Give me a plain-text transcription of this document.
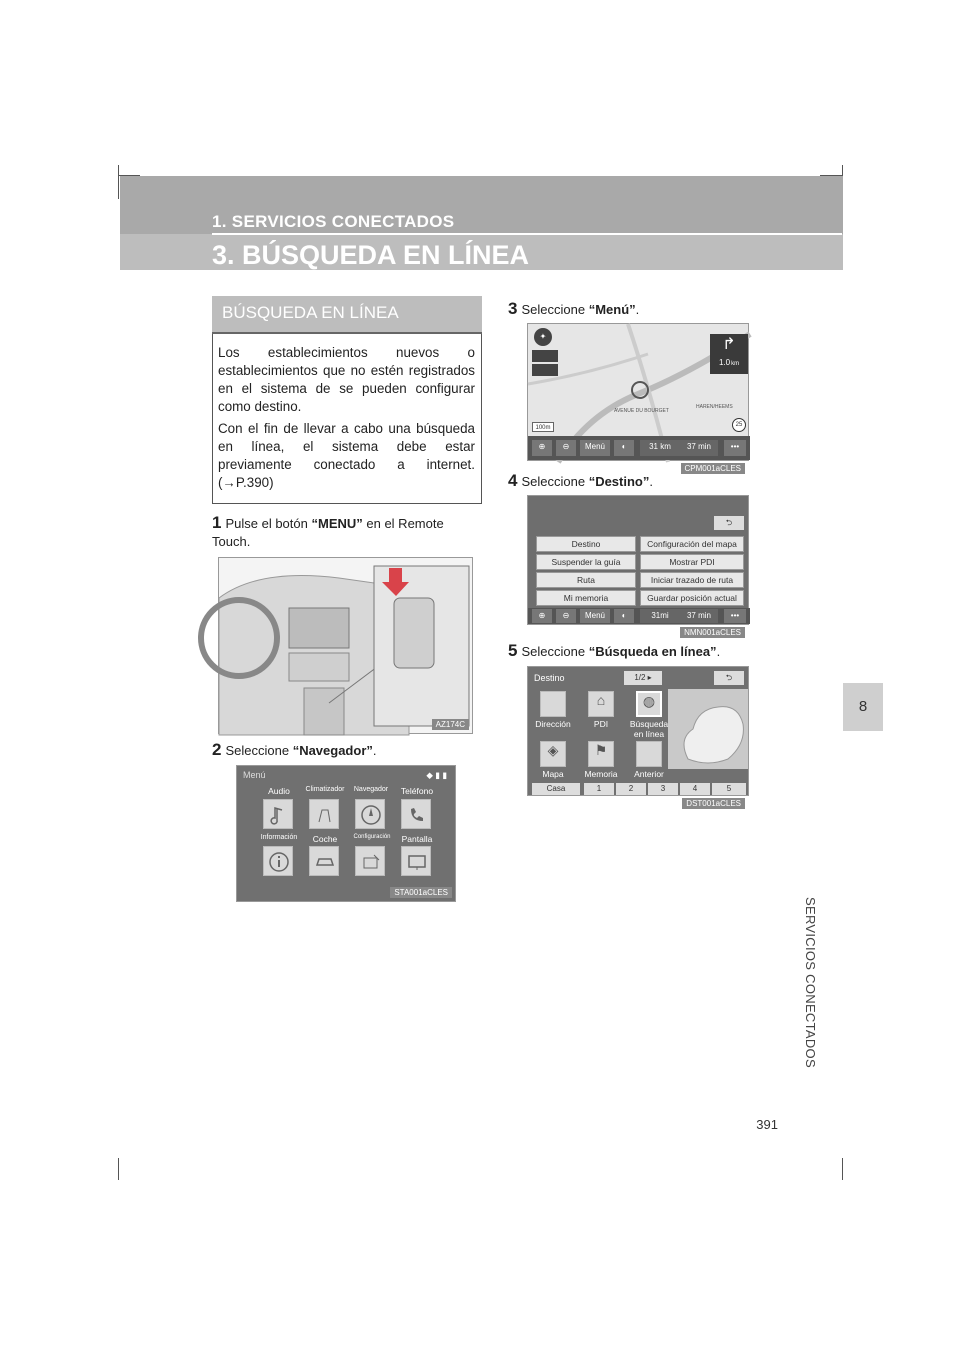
1. SERVICIOS CONECTADOS
3. BÚSQUEDA EN LÍNEA
8
SERVICIOS CONECTADOS
391
BÚSQUEDA EN LÍNEA

Los establecimientos nuevos o establecimientos que no estén registrados en el sistema de se pueden configurar como destino.

Con el fin de llevar a cabo una búsqueda en línea, el sistema debe estar previamente conectado a internet. (→P.390)

1 Pulse el botón “MENU” en el Remote Touch.
AZ174C
2 Seleccione “Navegador”.
Menú	◆ ▮ ▮
Audio	Climatizador	Navegador	Teléfono
Información	Coche	Configuración	Pantalla
STA001aCLES
3 Seleccione “Menú”.
✦	↱
1.0km
HAREN/HEEMS
AVENUE DU BOURGET
25
100m
⊕	⊖	Menú	◐	31 km	37 min	•••
CPM001aCLES
4 Seleccione “Destino”.
⮌
Destino	Configuración del mapa
Suspender la guía	Mostrar PDI
Ruta	Iniciar trazado de ruta
Mi memoria	Guardar posición actual
⊕	⊖	Menú	◐	31mi	37 min	•••
NMN001aCLES
5 Seleccione “Búsqueda en línea”.
Destino	1/2 ▸	⮌
⌂	◍
Dirección	PDI	Búsqueda en línea
◈	⚑
Mapa	Memoria	Anterior
Casa	1	2	3	4	5
DST001aCLES
